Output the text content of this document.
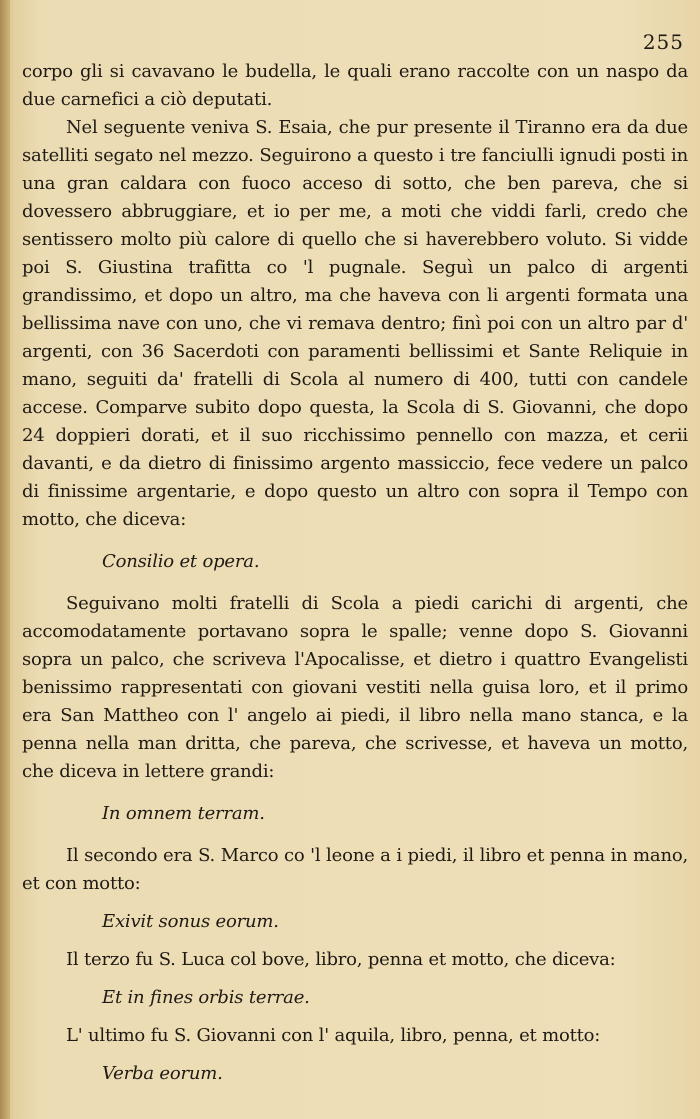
255

corpo gli si cavavano le budella, le quali erano raccolte con un naspo da due carnefici a ciò deputati.

Nel seguente veniva S. Esaia, che pur presente il Tiranno era da due satelliti segato nel mezzo. Seguirono a questo i tre fanciulli ignudi posti in una gran caldara con fuoco acceso di sotto, che ben pareva, che si dovessero abbruggiare, et io per me, a moti che viddi farli, credo che sentissero molto più calore di quello che si haverebbero voluto. Si vidde poi S. Giustina trafitta co 'l pugnale. Seguì un palco di argenti grandissimo, et dopo un altro, ma che haveva con li argenti formata una bellissima nave con uno, che vi remava dentro; finì poi con un altro par d' argenti, con 36 Sacerdoti con paramenti bellissimi et Sante Reliquie in mano, seguiti da' fratelli di Scola al numero di 400, tutti con candele accese. Comparve subito dopo questa, la Scola di S. Giovanni, che dopo 24 doppieri dorati, et il suo ricchissimo pennello con mazza, et cerii davanti, e da dietro di finissimo argento massiccio, fece vedere un palco di finissime argentarie, e dopo questo un altro con sopra il Tempo con motto, che diceva:

Consilio et opera.

Seguivano molti fratelli di Scola a piedi carichi di argenti, che accomodatamente portavano sopra le spalle; venne dopo S. Giovanni sopra un palco, che scriveva l'Apocalisse, et dietro i quattro Evangelisti benissimo rappresentati con giovani vestiti nella guisa loro, et il primo era San Mattheo con l' angelo ai piedi, il libro nella mano stanca, e la penna nella man dritta, che pareva, che scrivesse, et haveva un motto, che diceva in lettere grandi:

In omnem terram.

Il secondo era S. Marco co 'l leone a i piedi, il libro et penna in mano, et con motto:

Exivit sonus eorum.

Il terzo fu S. Luca col bove, libro, penna et motto, che diceva:

Et in fines orbis terrae.

L' ultimo fu S. Giovanni con l' aquila, libro, penna, et motto:

Verba eorum.
